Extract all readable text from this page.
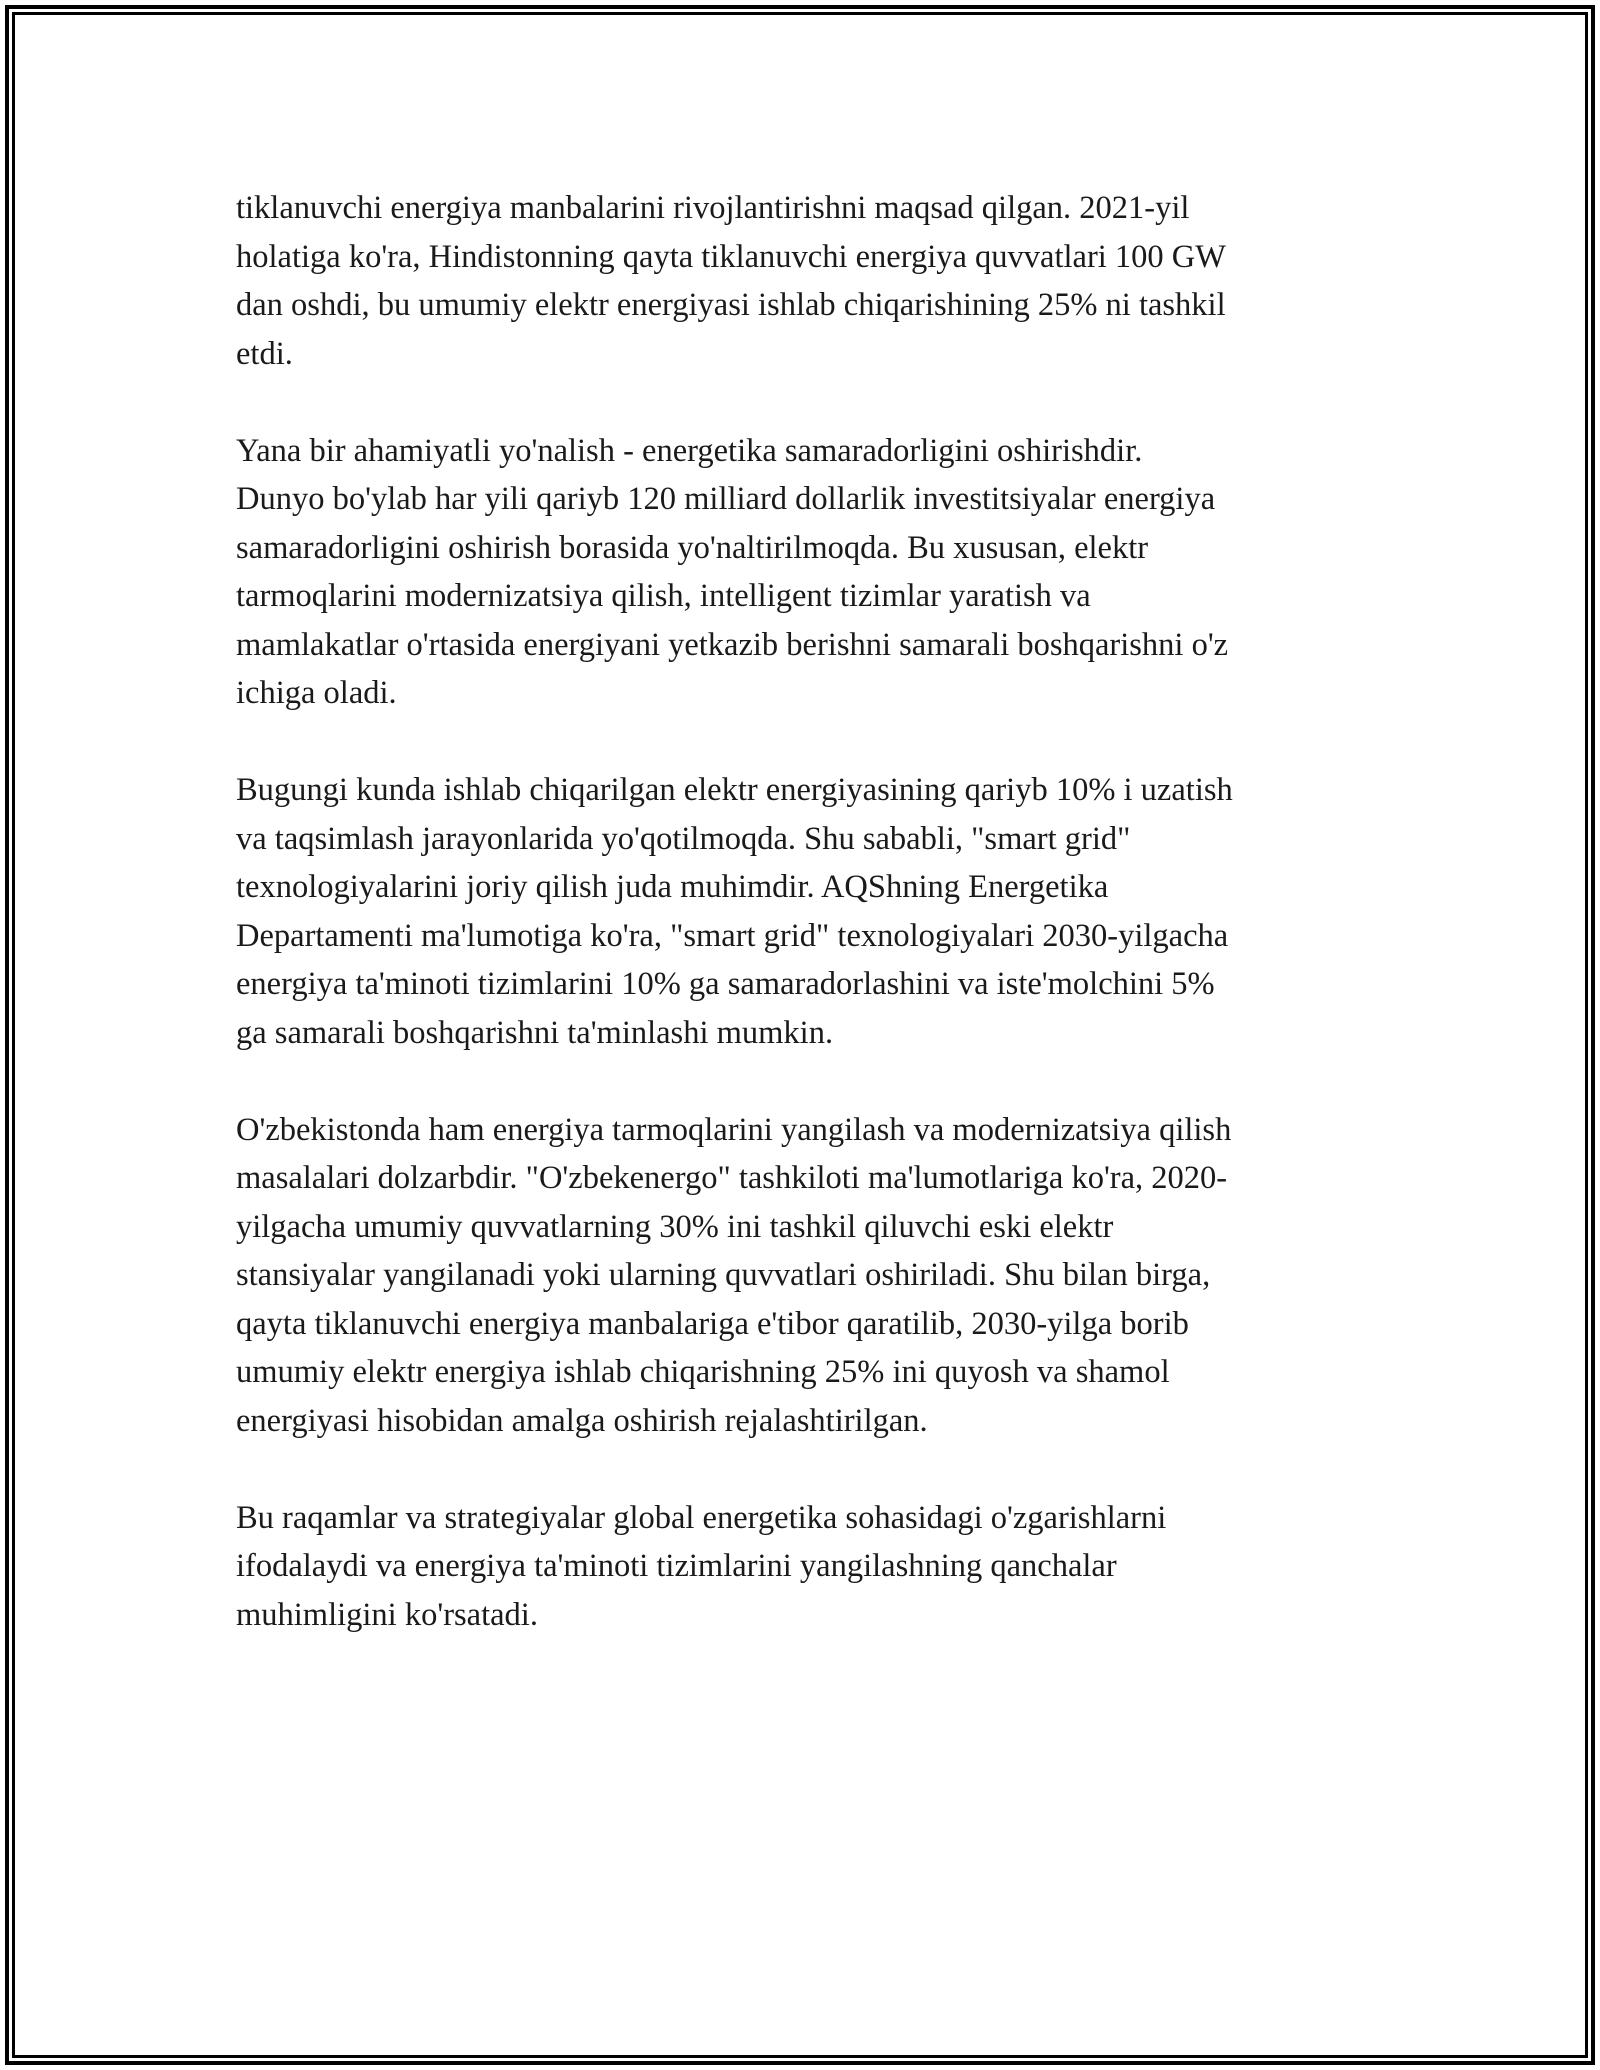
tiklanuvchi energiya manbalarini rivojlantirishni maqsad qilgan. 2021-yil
holatiga ko'ra, Hindistonning qayta tiklanuvchi energiya quvvatlari 100 GW
dan oshdi, bu umumiy elektr energiyasi ishlab chiqarishining 25% ni tashkil
etdi.

Yana bir ahamiyatli yo'nalish - energetika samaradorligini oshirishdir.
Dunyo bo'ylab har yili qariyb 120 milliard dollarlik investitsiyalar energiya
samaradorligini oshirish borasida yo'naltirilmoqda. Bu xususan, elektr
tarmoqlarini modernizatsiya qilish, intelligent tizimlar yaratish va
mamlakatlar o'rtasida energiyani yetkazib berishni samarali boshqarishni o'z
ichiga oladi.

Bugungi kunda ishlab chiqarilgan elektr energiyasining qariyb 10% i uzatish
va taqsimlash jarayonlarida yo'qotilmoqda. Shu sababli, "smart grid"
texnologiyalarini joriy qilish juda muhimdir. AQShning Energetika
Departamenti ma'lumotiga ko'ra, "smart grid" texnologiyalari 2030-yilgacha
energiya ta'minoti tizimlarini 10% ga samaradorlashini va iste'molchini 5%
ga samarali boshqarishni ta'minlashi mumkin.

O'zbekistonda ham energiya tarmoqlarini yangilash va modernizatsiya qilish
masalalari dolzarbdir. "O'zbekenergo" tashkiloti ma'lumotlariga ko'ra, 2020-
yilgacha umumiy quvvatlarning 30% ini tashkil qiluvchi eski elektr
stansiyalar yangilanadi yoki ularning quvvatlari oshiriladi. Shu bilan birga,
qayta tiklanuvchi energiya manbalariga e'tibor qaratilib, 2030-yilga borib
umumiy elektr energiya ishlab chiqarishning 25% ini quyosh va shamol
energiyasi hisobidan amalga oshirish rejalashtirilgan.

Bu raqamlar va strategiyalar global energetika sohasidagi o'zgarishlarni
ifodalaydi va energiya ta'minoti tizimlarini yangilashning qanchalar
muhimligini ko'rsatadi.
